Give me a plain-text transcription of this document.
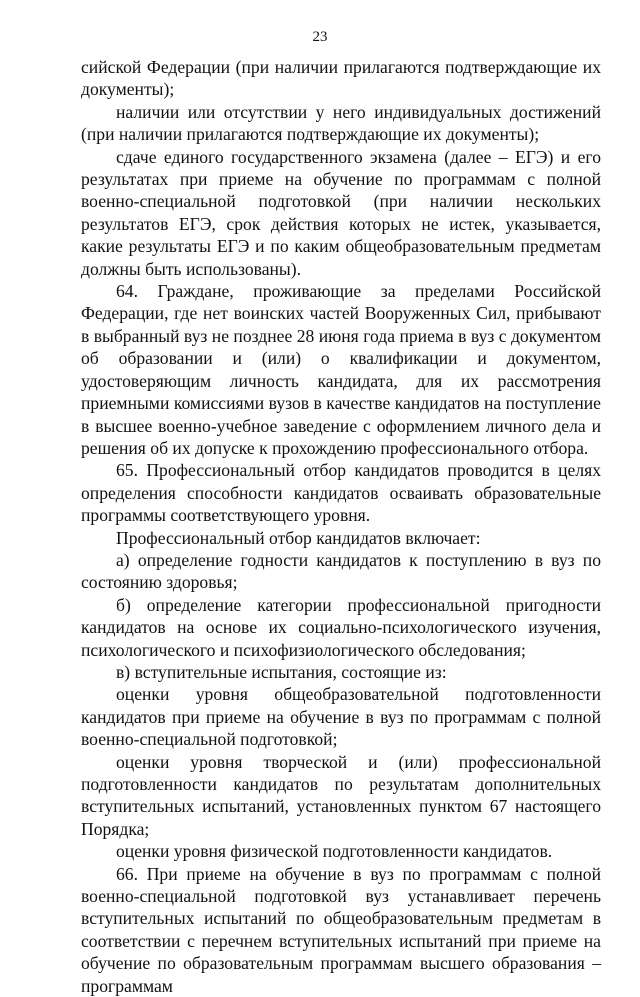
23

сийской Федерации (при наличии прилагаются подтверждающие их документы);

наличии или отсутствии у него индивидуальных достижений (при наличии прилагаются подтверждающие их документы);

сдаче единого государственного экзамена (далее – ЕГЭ) и его результатах при приеме на обучение по программам с полной военно-специальной подготовкой (при наличии нескольких результатов ЕГЭ, срок действия которых не истек, указывается, какие результаты ЕГЭ и по каким общеобразовательным предметам должны быть использованы).

64. Граждане, проживающие за пределами Российской Федерации, где нет воинских частей Вооруженных Сил, прибывают в выбранный вуз не позднее 28 июня года приема в вуз с документом об образовании и (или) о квалификации и документом, удостоверяющим личность кандидата, для их рассмотрения приемными комиссиями вузов в качестве кандидатов на поступление в высшее военно-учебное заведение с оформлением личного дела и решения об их допуске к прохождению профессионального отбора.

65. Профессиональный отбор кандидатов проводится в целях определения способности кандидатов осваивать образовательные программы соответствующего уровня.

Профессиональный отбор кандидатов включает:

а) определение годности кандидатов к поступлению в вуз по состоянию здоровья;

б) определение категории профессиональной пригодности кандидатов на основе их социально-психологического изучения, психологического и психофизиологического обследования;

в) вступительные испытания, состоящие из:

оценки уровня общеобразовательной подготовленности кандидатов при приеме на обучение в вуз по программам с полной военно-специальной подготовкой;

оценки уровня творческой и (или) профессиональной подготовленности кандидатов по результатам дополнительных вступительных испытаний, установленных пунктом 67 настоящего Порядка;

оценки уровня физической подготовленности кандидатов.

66. При приеме на обучение в вуз по программам с полной военно-специальной подготовкой вуз устанавливает перечень вступительных испытаний по общеобразовательным предметам в соответствии с перечнем вступительных испытаний при приеме на обучение по образовательным программам высшего образования – программам
